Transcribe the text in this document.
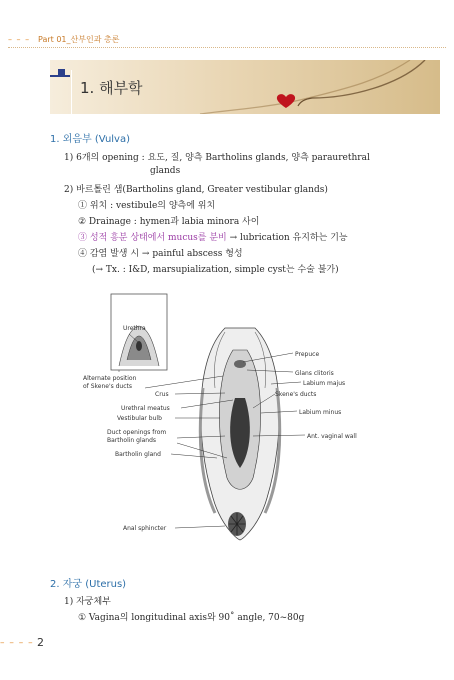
– – – Part 01_산부인과 총론
1. 해부학
1. 외음부 (Vulva)
1) 6개의 opening : 요도, 질, 양측 Bartholins glands, 양측 paraurethral
glands
2) 바르톨린 샘(Bartholins gland, Greater vestibular glands)
① 위치 : vestibule의 양측에 위치
② Drainage : hymen과 labia minora 사이
③ 성적 흥분 상태에서 mucus를 분비 → lubrication 유지하는 기능
④ 감염 발생 시 → painful abscess 형성
(→ Tx. : I&D, marsupialization, simple cyst는 수술 불가)
Urethra
Alternate position
of Skene's ducts
Crus
Urethral meatus
Vestibular bulb
Duct openings from
Bartholin glands
Bartholin gland
Anal sphincter
Prepuce
Glans clitoris
Labium majus
Skene's ducts
Labium minus
Ant. vaginal wall
2. 자궁 (Uterus)
1) 자궁체부
① Vagina의 longitudinal axis와 90˚ angle, 70~80g
– – – – 2
